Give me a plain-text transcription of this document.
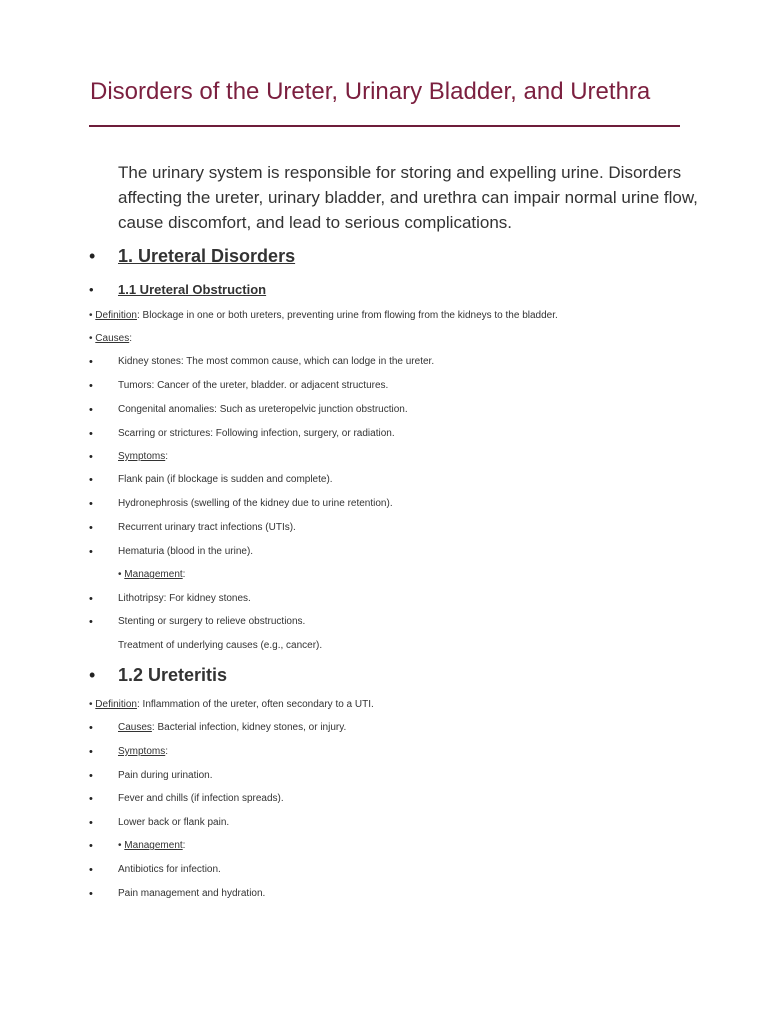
Disorders of the Ureter, Urinary Bladder, and Urethra
The urinary system is responsible for storing and expelling urine. Disorders affecting the ureter, urinary bladder, and urethra can impair normal urine flow, cause discomfort, and lead to serious complications.
• 1. Ureteral Disorders
• 1.1 Ureteral Obstruction
• Definition: Blockage in one or both ureters, preventing urine from flowing from the kidneys to the bladder.
• Causes:
•	Kidney stones: The most common cause, which can lodge in the ureter.
•	Tumors: Cancer of the ureter, bladder. or adjacent structures.
•	Congenital anomalies: Such as ureteropelvic junction obstruction.
•	Scarring or strictures: Following infection, surgery, or radiation.
•	Symptoms:
•	Flank pain (if blockage is sudden and complete).
•	Hydronephrosis (swelling of the kidney due to urine retention).
•	Recurrent urinary tract infections (UTIs).
•	Hematuria (blood in the urine).
• Management:
•	Lithotripsy: For kidney stones.
•	Stenting or surgery to relieve obstructions.
Treatment of underlying causes (e.g., cancer).
• 1.2 Ureteritis
• Definition: Inflammation of the ureter, often secondary to a UTI.
•	Causes: Bacterial infection, kidney stones, or injury.
•	Symptoms:
•	Pain during urination.
•	Fever and chills (if infection spreads).
•	Lower back or flank pain.
•	• Management:
•	Antibiotics for infection.
•	Pain management and hydration.
